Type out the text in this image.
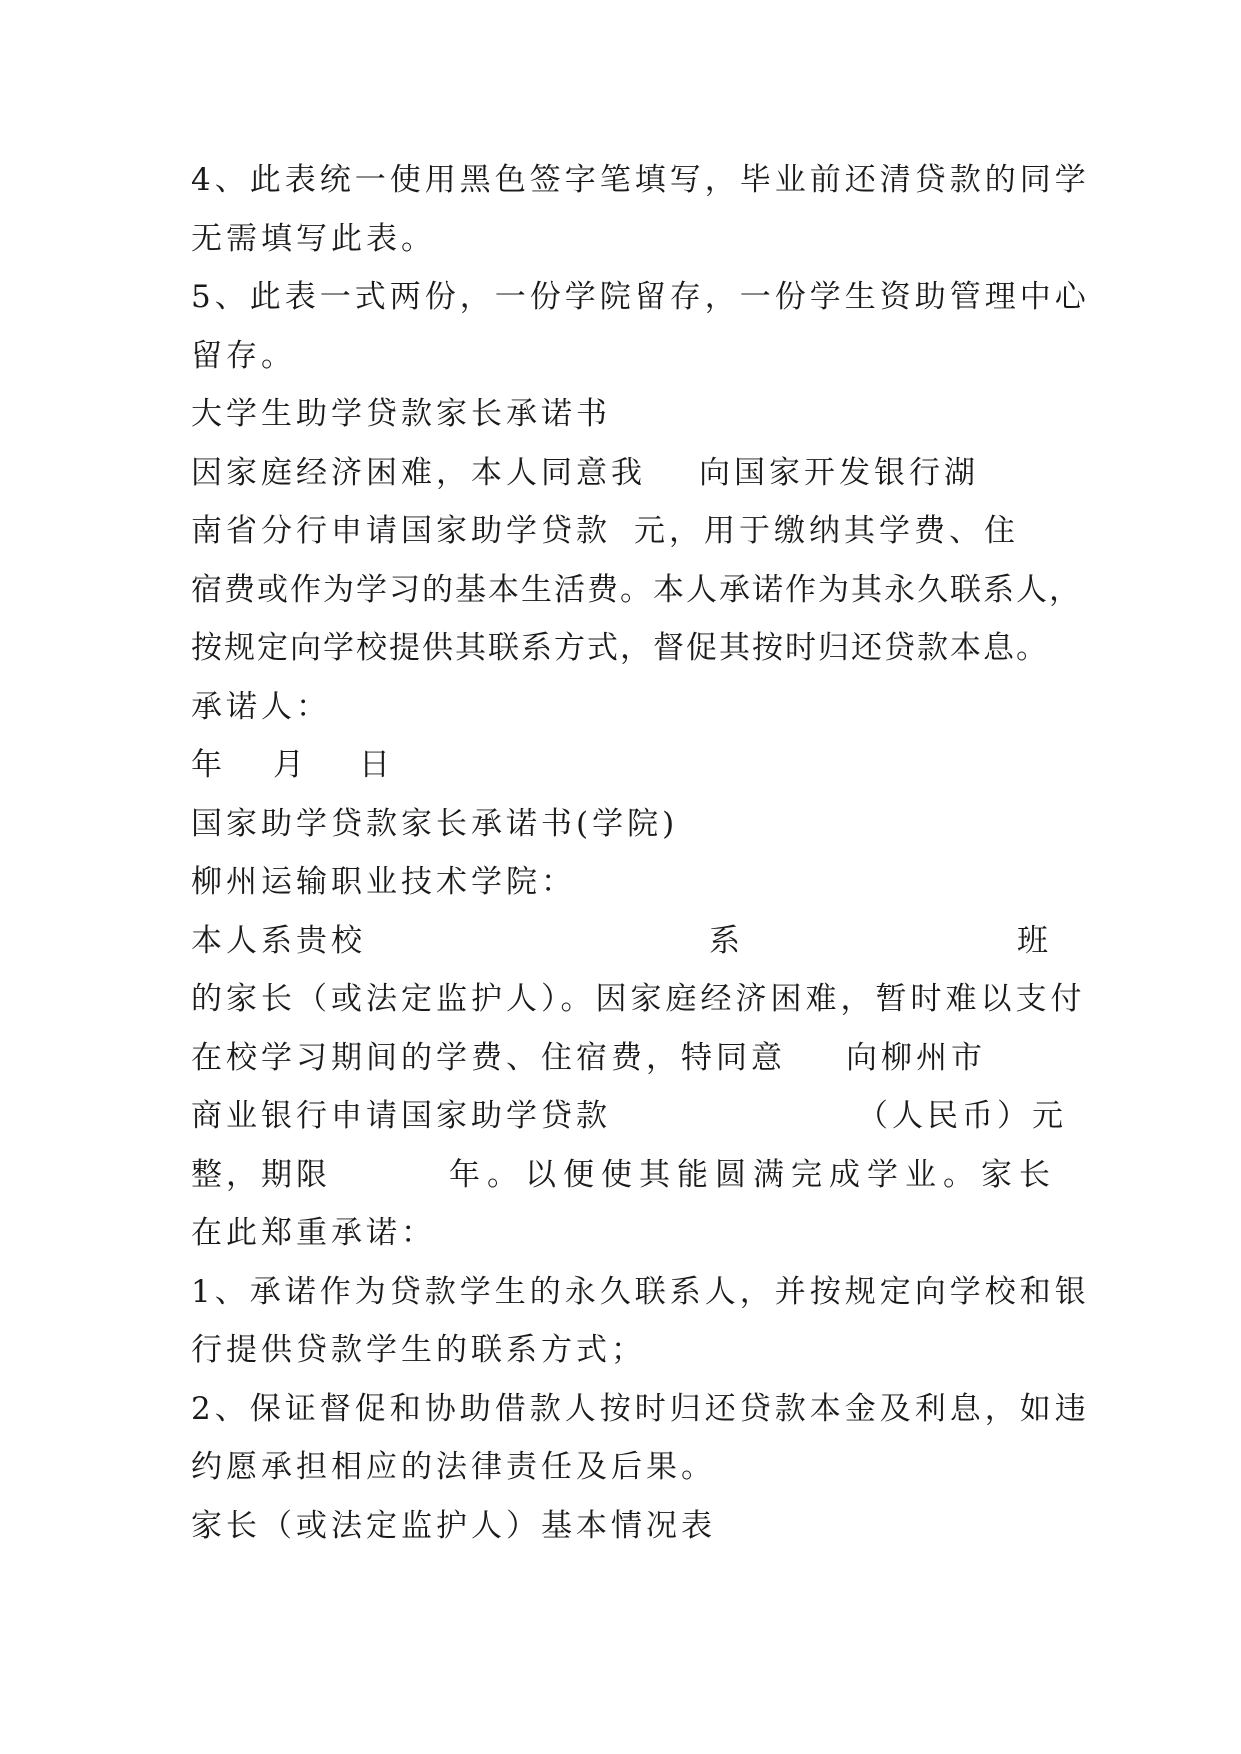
4、此表统一使用黑色签字笔填写，毕业前还清贷款的同学
无需填写此表。
5、此表一式两份，一份学院留存，一份学生资助管理中心
留存。
大学生助学贷款家长承诺书
因家庭经济困难，本人同意我 向国家开发银行湖
南省分行申请国家助学贷款 元，用于缴纳其学费、住
宿费或作为学习的基本生活费。本人承诺作为其永久联系人，
按规定向学校提供其联系方式，督促其按时归还贷款本息。
承诺人：
年 月 日
国家助学贷款家长承诺书(学院)
柳州运输职业技术学院：
本人系贵校	系	班
的家长（或法定监护人）。因家庭经济困难，暂时难以支付
在校学习期间的学费、住宿费，特同意 向柳州市
商业银行申请国家助学贷款	（人民币）元
整，期限	年。以便使其能圆满完成学业。家长
在此郑重承诺：
1、承诺作为贷款学生的永久联系人，并按规定向学校和银
行提供贷款学生的联系方式；
2、保证督促和协助借款人按时归还贷款本金及利息，如违
约愿承担相应的法律责任及后果。
家长（或法定监护人）基本情况表
